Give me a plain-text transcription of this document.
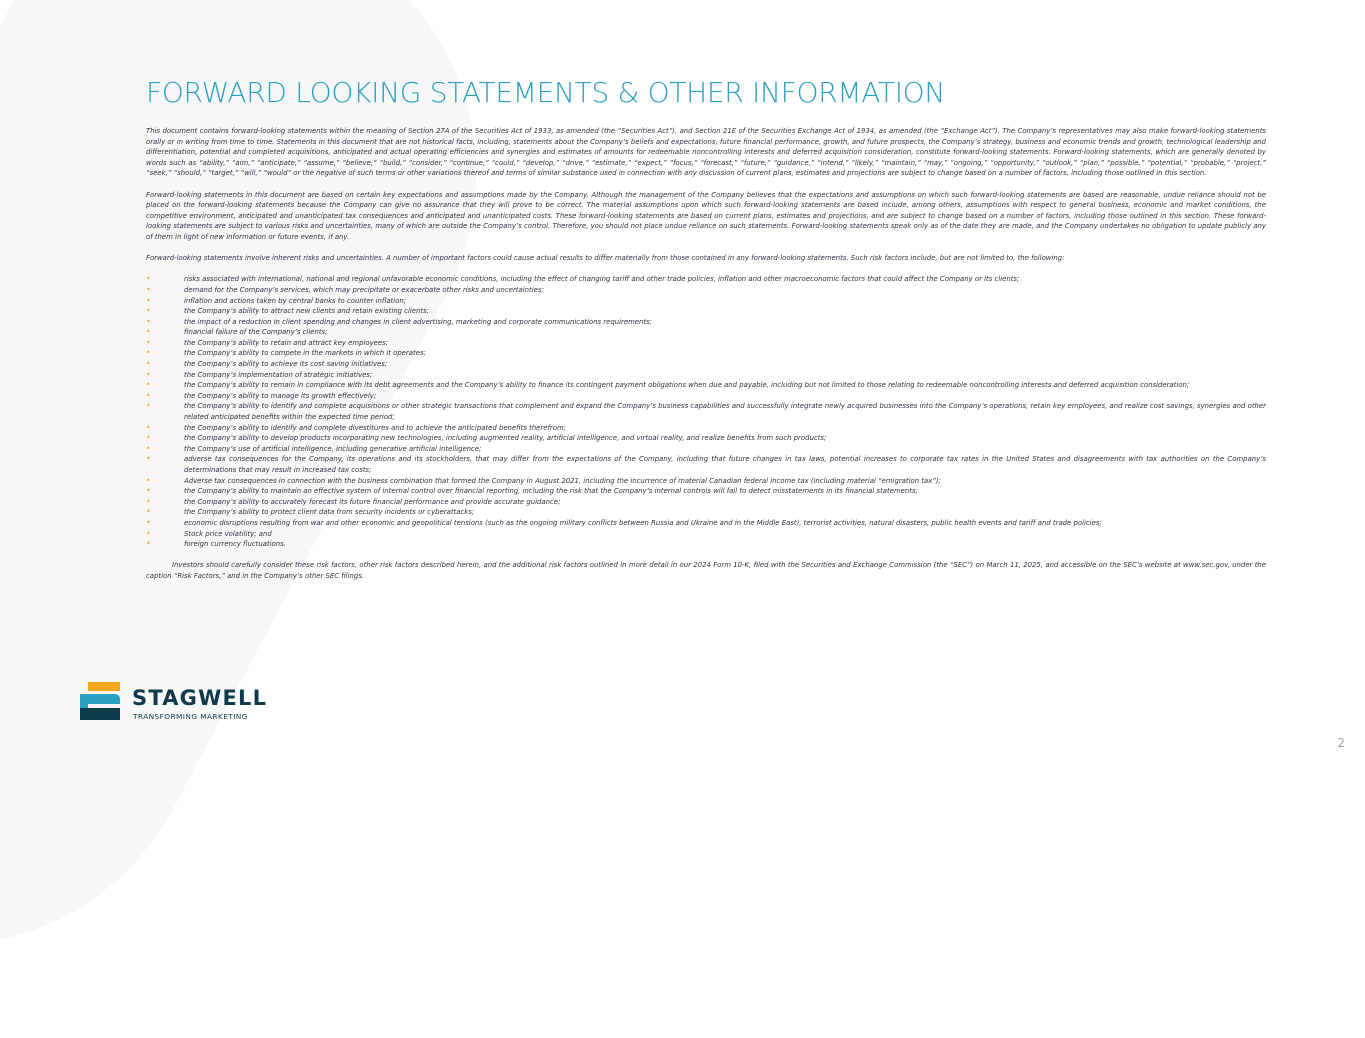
FORWARD LOOKING STATEMENTS & OTHER INFORMATION

This document contains forward-looking statements within the meaning of Section 27A of the Securities Act of 1933, as amended (the “Securities Act”), and Section 21E of the Securities Exchange Act of 1934, as amended (the “Exchange Act”). The Company’s representatives may also make forward-looking statements orally or in writing from time to time. Statements in this document that are not historical facts, including, statements about the Company’s beliefs and expectations, future financial performance, growth, and future prospects, the Company’s strategy, business and economic trends and growth, technological leadership and differentiation, potential and completed acquisitions, anticipated and actual operating efficiencies and synergies and estimates of amounts for redeemable noncontrolling interests and deferred acquisition consideration, constitute forward-looking statements. Forward-looking statements, which are generally denoted by words such as “ability,” “aim,” “anticipate,” “assume,” “believe,” “build,” “consider,” “continue,” “could,” “develop,” “drive,” “estimate,” “expect,” “focus,” “forecast,” “future,” “guidance,” “intend,” “likely,” “maintain,” “may,” “ongoing,” “opportunity,” “outlook,” “plan,” “possible,” “potential,” “probable,” “project,” “seek,” “should,” “target,” “will,” “would” or the negative of such terms or other variations thereof and terms of similar substance used in connection with any discussion of current plans, estimates and projections are subject to change based on a number of factors, including those outlined in this section.

Forward-looking statements in this document are based on certain key expectations and assumptions made by the Company. Although the management of the Company believes that the expectations and assumptions on which such forward-looking statements are based are reasonable, undue reliance should not be placed on the forward-looking statements because the Company can give no assurance that they will prove to be correct. The material assumptions upon which such forward-looking statements are based include, among others, assumptions with respect to general business, economic and market conditions, the competitive environment, anticipated and unanticipated tax consequences and anticipated and unanticipated costs. These forward-looking statements are based on current plans, estimates and projections, and are subject to change based on a number of factors, including those outlined in this section. These forward-looking statements are subject to various risks and uncertainties, many of which are outside the Company’s control. Therefore, you should not place undue reliance on such statements. Forward-looking statements speak only as of the date they are made, and the Company undertakes no obligation to update publicly any of them in light of new information or future events, if any.

Forward-looking statements involve inherent risks and uncertainties. A number of important factors could cause actual results to differ materially from those contained in any forward-looking statements. Such risk factors include, but are not limited to, the following:

•	risks associated with international, national and regional unfavorable economic conditions, including the effect of changing tariff and other trade policies, inflation and other macroeconomic factors that could affect the Company or its clients;
•	demand for the Company’s services, which may precipitate or exacerbate other risks and uncertainties;
•	inflation and actions taken by central banks to counter inflation;
•	the Company’s ability to attract new clients and retain existing clients;
•	the impact of a reduction in client spending and changes in client advertising, marketing and corporate communications requirements;
•	financial failure of the Company’s clients;
•	the Company’s ability to retain and attract key employees;
•	the Company’s ability to compete in the markets in which it operates;
•	the Company’s ability to achieve its cost saving initiatives;
•	the Company’s implementation of strategic initiatives;
•	the Company’s ability to remain in compliance with its debt agreements and the Company’s ability to finance its contingent payment obligations when due and payable, including but not limited to those relating to redeemable noncontrolling interests and deferred acquisition consideration;
•	the Company’s ability to manage its growth effectively;
•	the Company’s ability to identify and complete acquisitions or other strategic transactions that complement and expand the Company’s business capabilities and successfully integrate newly acquired businesses into the Company’s operations, retain key employees, and realize cost savings, synergies and other related anticipated benefits within the expected time period;
•	the Company’s ability to identify and complete divestitures and to achieve the anticipated benefits therefrom;
•	the Company’s ability to develop products incorporating new technologies, including augmented reality, artificial intelligence, and virtual reality, and realize benefits from such products;
•	the Company’s use of artificial intelligence, including generative artificial intelligence;
•	adverse tax consequences for the Company, its operations and its stockholders, that may differ from the expectations of the Company, including that future changes in tax laws, potential increases to corporate tax rates in the United States and disagreements with tax authorities on the Company’s determinations that may result in increased tax costs;
•	Adverse tax consequences in connection with the business combination that formed the Company in August 2021, including the incurrence of material Canadian federal income tax (including material “emigration tax”);
•	the Company’s ability to maintain an effective system of internal control over financial reporting, including the risk that the Company’s internal controls will fail to detect misstatements in its financial statements;
•	the Company’s ability to accurately forecast its future financial performance and provide accurate guidance;
•	the Company’s ability to protect client data from security incidents or cyberattacks;
•	economic disruptions resulting from war and other economic and geopolitical tensions (such as the ongoing military conflicts between Russia and Ukraine and in the Middle East), terrorist activities, natural disasters, public health events and tariff and trade policies;
•	Stock price volatility; and
•	foreign currency fluctuations.

Investors should carefully consider these risk factors, other risk factors described herein, and the additional risk factors outlined in more detail in our 2024 Form 10-K, filed with the Securities and Exchange Commission (the “SEC”) on March 11, 2025, and accessible on the SEC’s website at www.sec.gov, under the caption “Risk Factors,” and in the Company’s other SEC filings.

STAGWELL
TRANSFORMING MARKETING
2
